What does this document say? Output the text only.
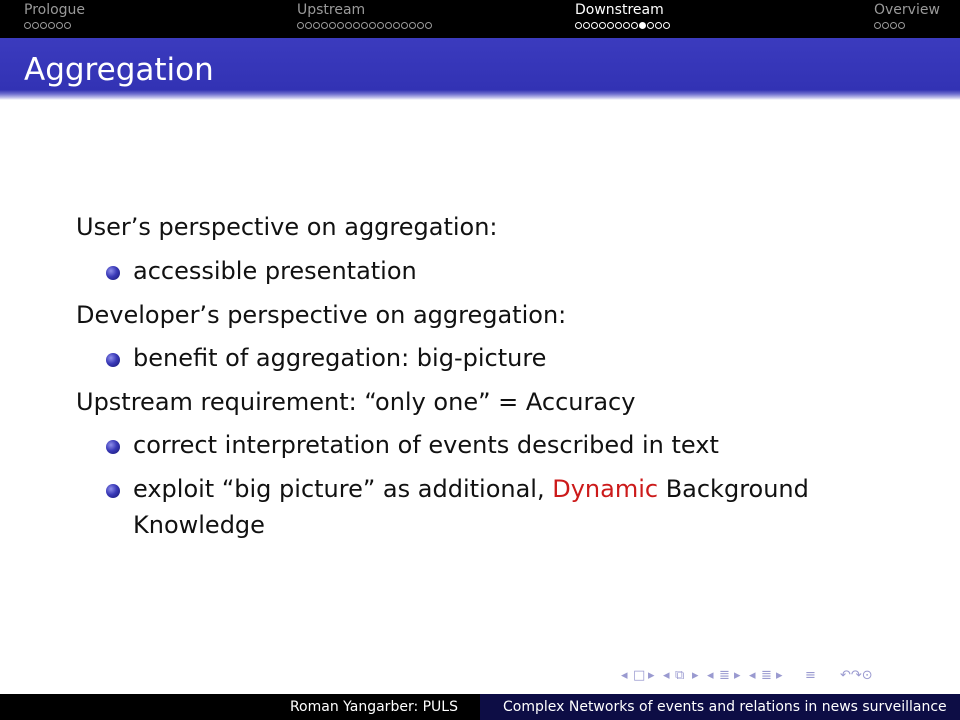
Prologue	Upstream	Downstream	Overview
Aggregation
User’s perspective on aggregation:
accessible presentation
Developer’s perspective on aggregation:
benefit of aggregation: big-picture
Upstream requirement: “only one” = Accuracy
correct interpretation of events described in text
exploit “big picture” as additional, Dynamic Background
Knowledge
◂ □ ▸ ◂ ⧉ ▸ ◂ ≣ ▸ ◂ ≣ ▸ ≡ ↶↷⊙
Roman Yangarber: PULS	Complex Networks of events and relations in news surveillance
